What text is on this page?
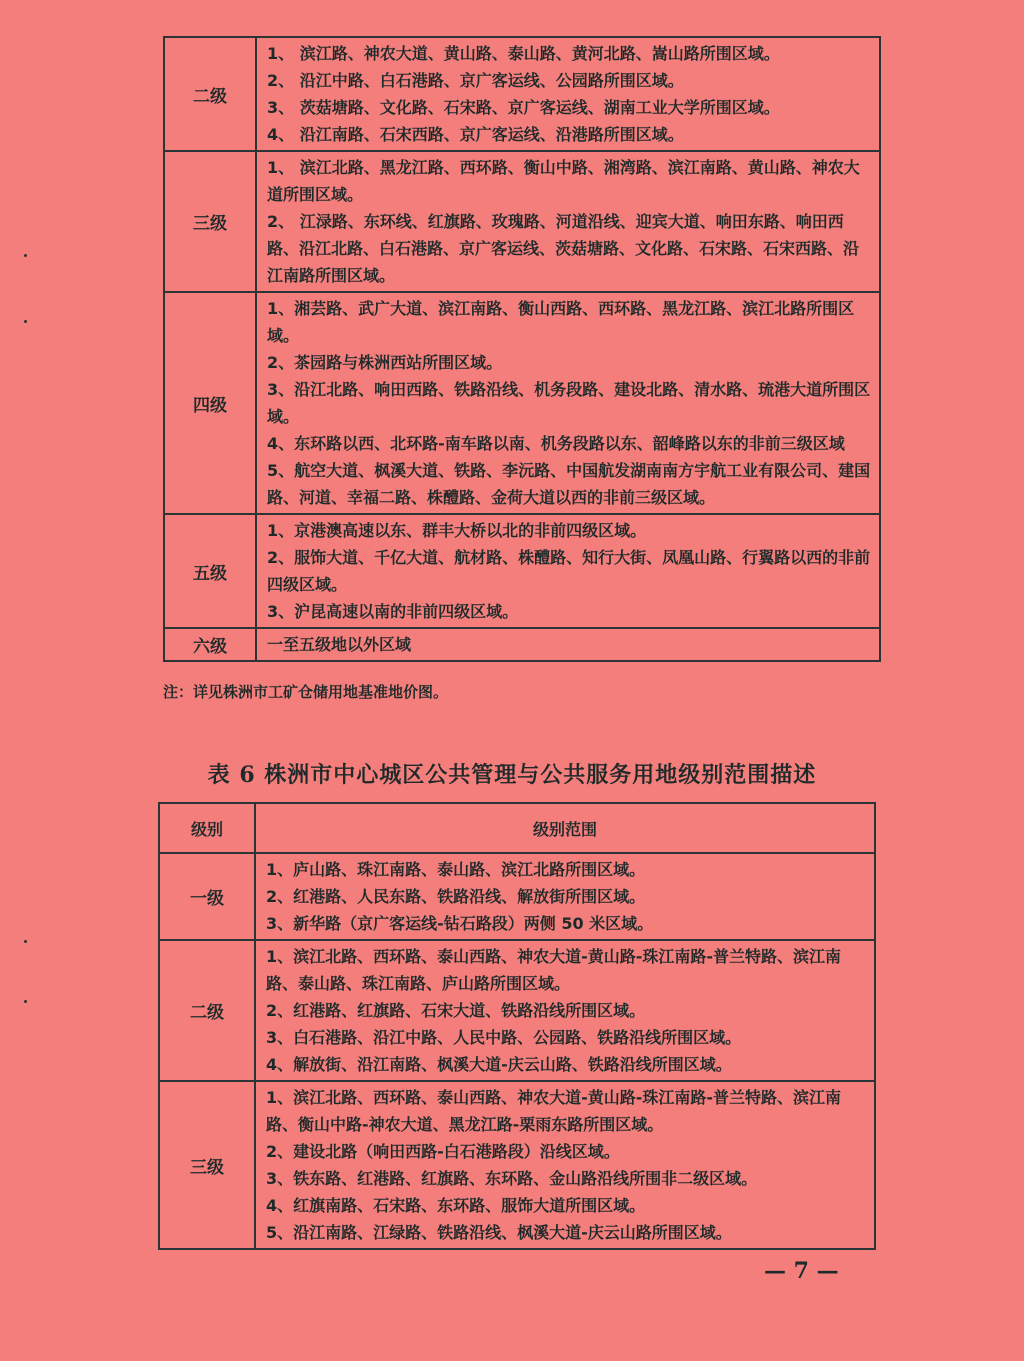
二级	1、 滨江路、神农大道、黄山路、泰山路、黄河北路、嵩山路所围区域。
2、 沿江中路、白石港路、京广客运线、公园路所围区域。
3、 茨菇塘路、文化路、石宋路、京广客运线、湖南工业大学所围区域。
4、 沿江南路、石宋西路、京广客运线、沿港路所围区域。

三级	1、 滨江北路、黑龙江路、西环路、衡山中路、湘湾路、滨江南路、黄山路、神农大道所围区域。
2、 江渌路、东环线、红旗路、玫瑰路、河道沿线、迎宾大道、响田东路、响田西路、沿江北路、白石港路、京广客运线、茨菇塘路、文化路、石宋路、石宋西路、沿江南路所围区域。

四级	1、湘芸路、武广大道、滨江南路、衡山西路、西环路、黑龙江路、滨江北路所围区域。
2、茶园路与株洲西站所围区域。
3、沿江北路、响田西路、铁路沿线、机务段路、建设北路、清水路、琉港大道所围区域。
4、东环路以西、北环路-南车路以南、机务段路以东、韶峰路以东的非前三级区域
5、航空大道、枫溪大道、铁路、李沅路、中国航发湖南南方宇航工业有限公司、建国路、河道、幸福二路、株醴路、金荷大道以西的非前三级区域。

五级	1、京港澳高速以东、群丰大桥以北的非前四级区域。
2、服饰大道、千亿大道、航材路、株醴路、知行大街、凤凰山路、行翼路以西的非前四级区域。
3、沪昆高速以南的非前四级区域。

六级	一至五级地以外区域
注：详见株洲市工矿仓储用地基准地价图。
表 6 株洲市中心城区公共管理与公共服务用地级别范围描述
级别	级别范围
一级	1、庐山路、珠江南路、泰山路、滨江北路所围区域。
2、红港路、人民东路、铁路沿线、解放街所围区域。
3、新华路（京广客运线-钻石路段）两侧 50 米区域。

二级	1、滨江北路、西环路、泰山西路、神农大道-黄山路-珠江南路-普兰特路、滨江南路、泰山路、珠江南路、庐山路所围区域。
2、红港路、红旗路、石宋大道、铁路沿线所围区域。
3、白石港路、沿江中路、人民中路、公园路、铁路沿线所围区域。
4、解放街、沿江南路、枫溪大道-庆云山路、铁路沿线所围区域。

三级	1、滨江北路、西环路、泰山西路、神农大道-黄山路-珠江南路-普兰特路、滨江南路、衡山中路-神农大道、黑龙江路-栗雨东路所围区域。
2、建设北路（响田西路-白石港路段）沿线区域。
3、铁东路、红港路、红旗路、东环路、金山路沿线所围非二级区域。
4、红旗南路、石宋路、东环路、服饰大道所围区域。
5、沿江南路、江绿路、铁路沿线、枫溪大道-庆云山路所围区域。
— 7 —
